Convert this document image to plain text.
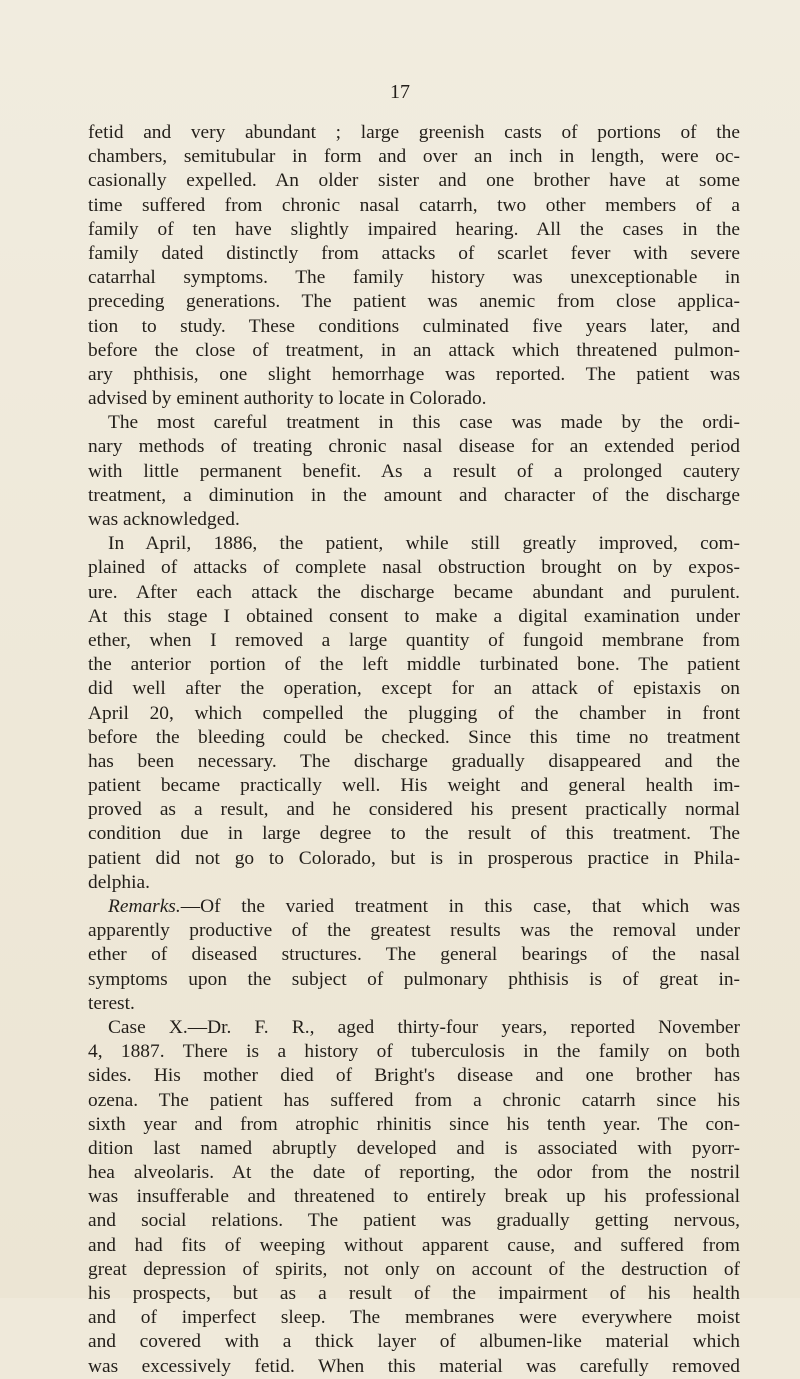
17
fetid and very abundant ; large greenish casts of portions of the
chambers, semitubular in form and over an inch in length, were oc-
casionally expelled. An older sister and one brother have at some
time suffered from chronic nasal catarrh, two other members of a
family of ten have slightly impaired hearing. All the cases in the
family dated distinctly from attacks of scarlet fever with severe
catarrhal symptoms. The family history was unexceptionable in
preceding generations. The patient was anemic from close applica-
tion to study. These conditions culminated five years later, and
before the close of treatment, in an attack which threatened pulmon-
ary phthisis, one slight hemorrhage was reported. The patient was
advised by eminent authority to locate in Colorado.
The most careful treatment in this case was made by the ordi-
nary methods of treating chronic nasal disease for an extended period
with little permanent benefit. As a result of a prolonged cautery
treatment, a diminution in the amount and character of the discharge
was acknowledged.
In April, 1886, the patient, while still greatly improved, com-
plained of attacks of complete nasal obstruction brought on by expos-
ure. After each attack the discharge became abundant and purulent.
At this stage I obtained consent to make a digital examination under
ether, when I removed a large quantity of fungoid membrane from
the anterior portion of the left middle turbinated bone. The patient
did well after the operation, except for an attack of epistaxis on
April 20, which compelled the plugging of the chamber in front
before the bleeding could be checked. Since this time no treatment
has been necessary. The discharge gradually disappeared and the
patient became practically well. His weight and general health im-
proved as a result, and he considered his present practically normal
condition due in large degree to the result of this treatment. The
patient did not go to Colorado, but is in prosperous practice in Phila-
delphia.
Remarks.—Of the varied treatment in this case, that which was
apparently productive of the greatest results was the removal under
ether of diseased structures. The general bearings of the nasal
symptoms upon the subject of pulmonary phthisis is of great in-
terest.
Case X.—Dr. F. R., aged thirty-four years, reported November
4, 1887. There is a history of tuberculosis in the family on both
sides. His mother died of Bright's disease and one brother has
ozena. The patient has suffered from a chronic catarrh since his
sixth year and from atrophic rhinitis since his tenth year. The con-
dition last named abruptly developed and is associated with pyorr-
hea alveolaris. At the date of reporting, the odor from the nostril
was insufferable and threatened to entirely break up his professional
and social relations. The patient was gradually getting nervous,
and had fits of weeping without apparent cause, and suffered from
great depression of spirits, not only on account of the destruction of
his prospects, but as a result of the impairment of his health
and of imperfect sleep. The membranes were everywhere moist
and covered with a thick layer of albumen-like material which
was excessively fetid. When this material was carefully removed
